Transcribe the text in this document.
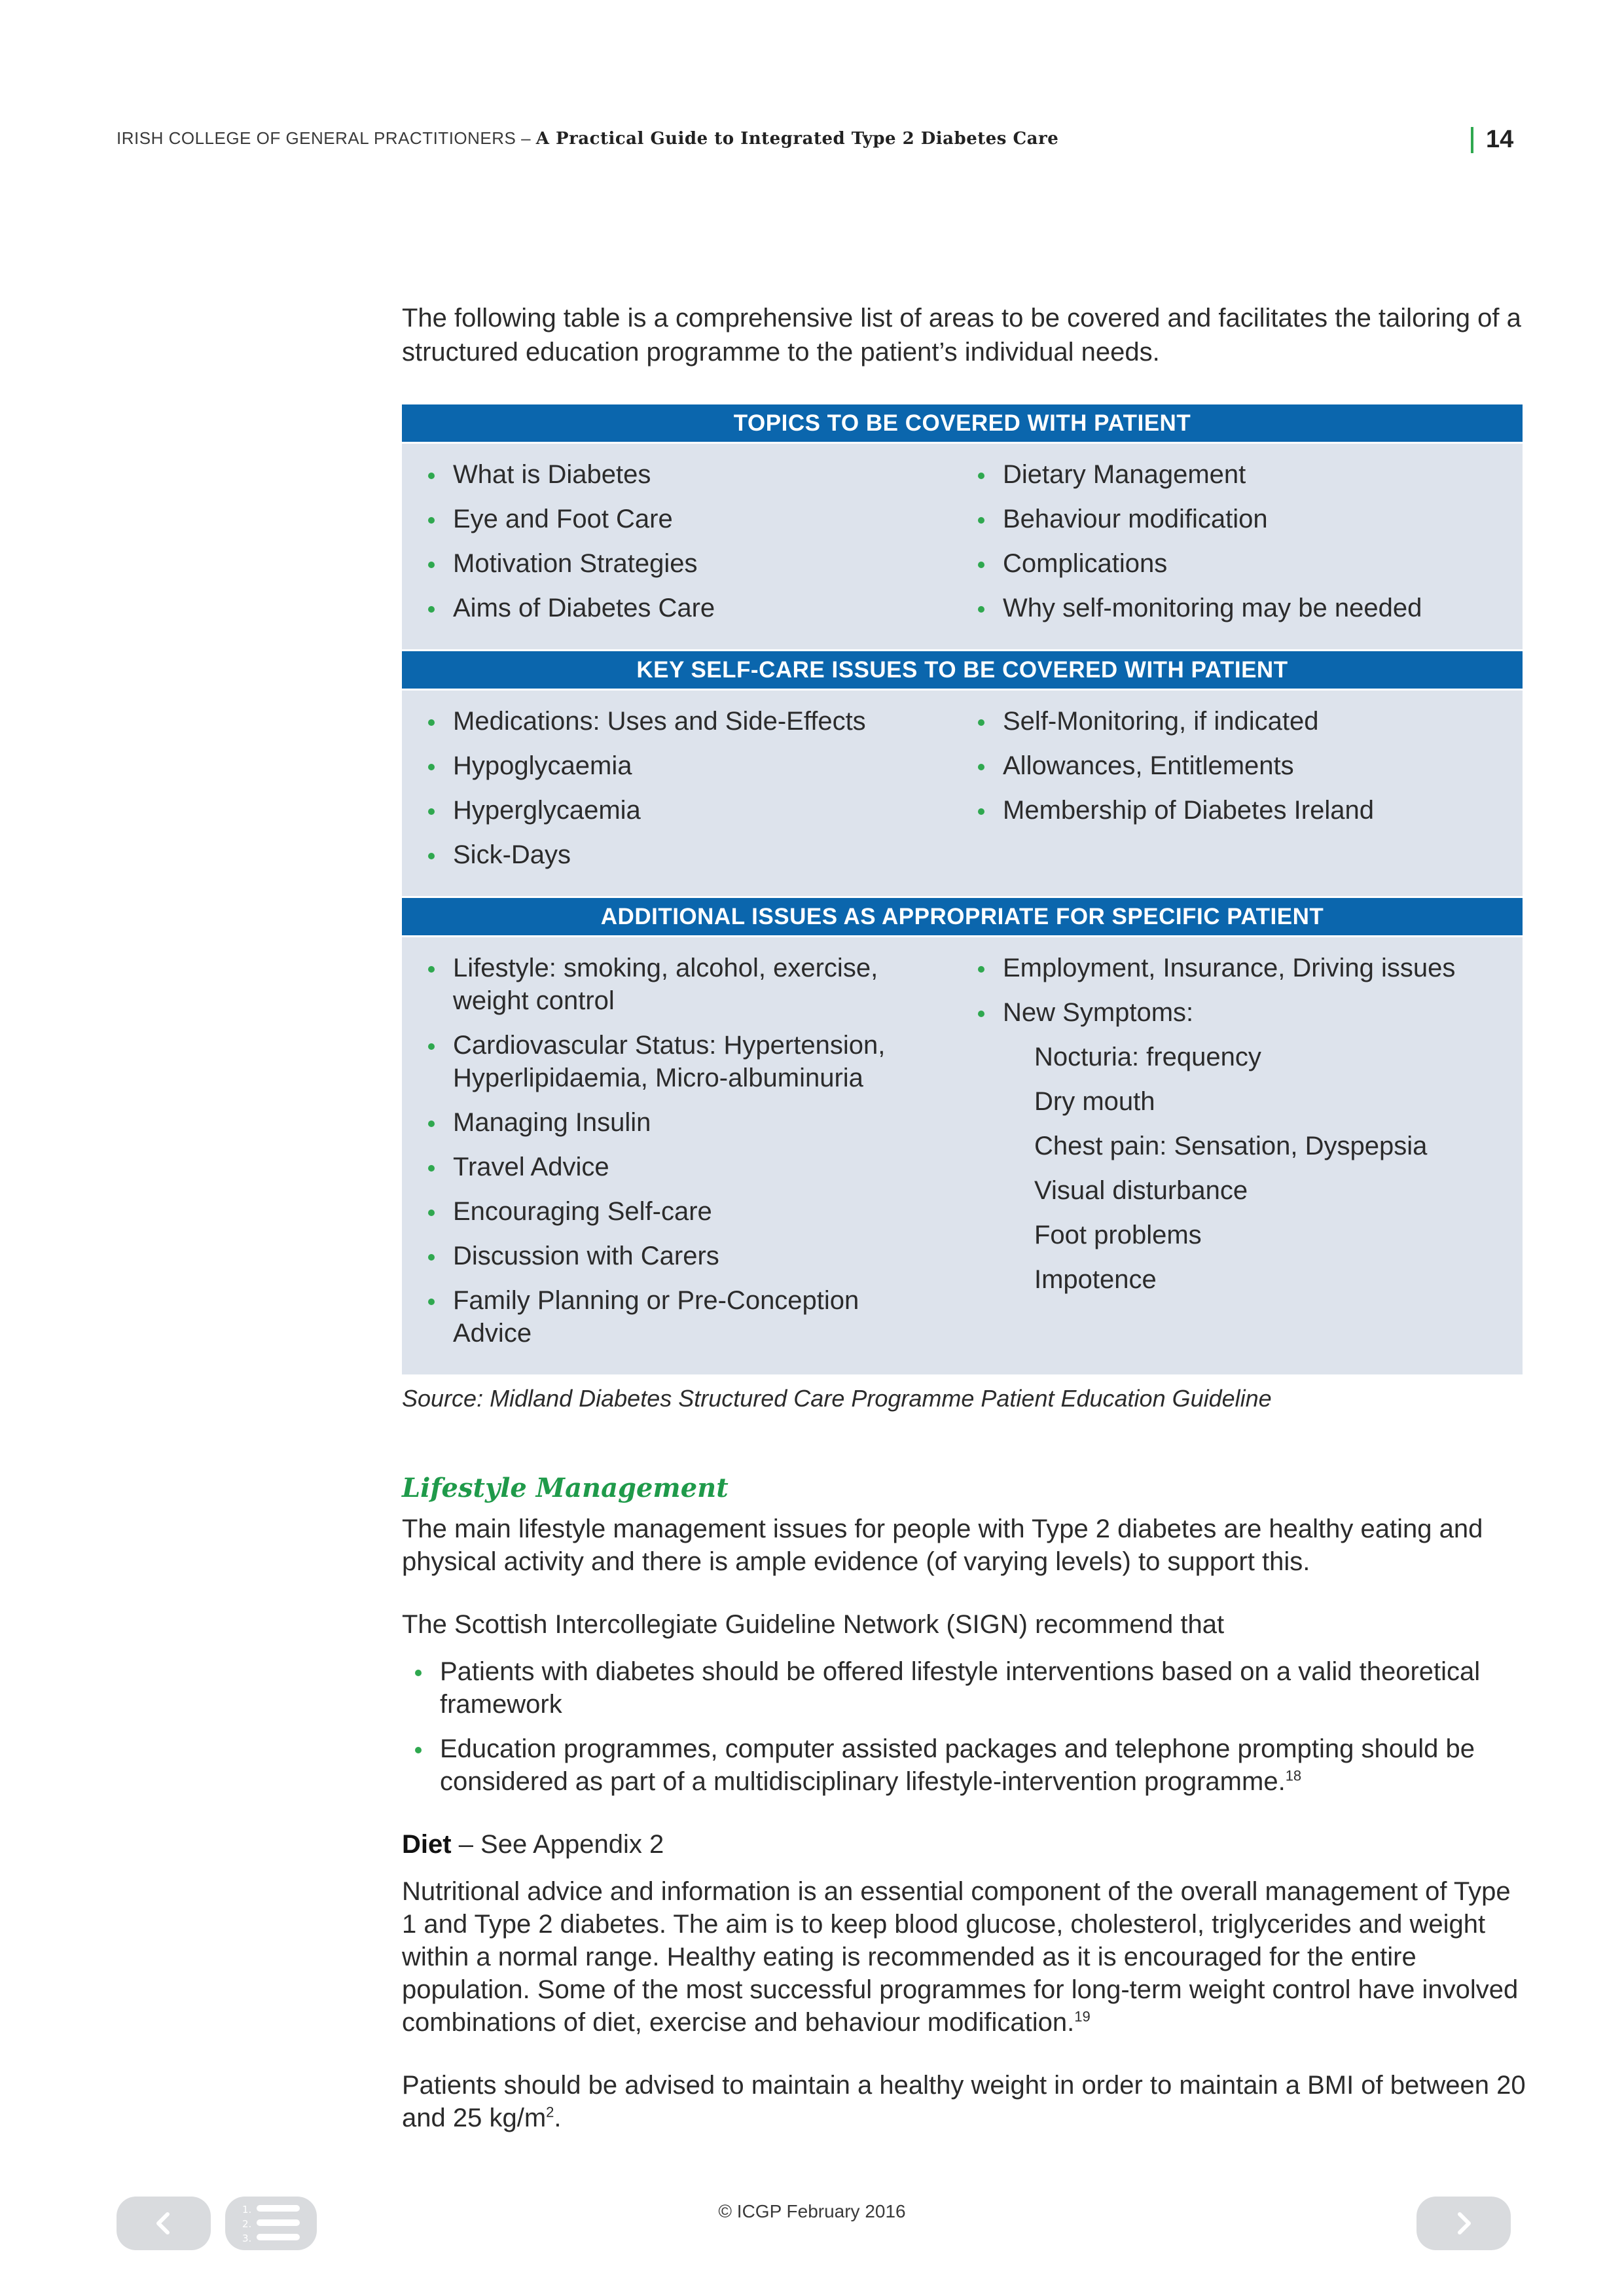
IRISH COLLEGE OF GENERAL PRACTITIONERS – A Practical Guide to Integrated Type 2 Diabetes Care	14

The following table is a comprehensive list of areas to be covered and facilitates the tailoring of a structured education programme to the patient’s individual needs.

TOPICS TO BE COVERED WITH PATIENT
What is Diabetes
Eye and Foot Care
Motivation Strategies
Aims of Diabetes Care
Dietary Management
Behaviour modification
Complications
Why self-monitoring may be needed
KEY SELF-CARE ISSUES TO BE COVERED WITH PATIENT
Medications: Uses and Side-Effects
Hypoglycaemia
Hyperglycaemia
Sick-Days
Self-Monitoring, if indicated
Allowances, Entitlements
Membership of Diabetes Ireland
ADDITIONAL ISSUES AS APPROPRIATE FOR SPECIFIC PATIENT
Lifestyle: smoking, alcohol, exercise, weight control
Cardiovascular Status: Hypertension, Hyperlipidaemia, Micro-albuminuria
Managing Insulin
Travel Advice
Encouraging Self-care
Discussion with Carers
Family Planning or Pre-Conception Advice
Employment, Insurance, Driving issues
New Symptoms:
Nocturia: frequency
Dry mouth
Chest pain: Sensation, Dyspepsia
Visual disturbance
Foot problems
Impotence
Source: Midland Diabetes Structured Care Programme Patient Education Guideline
Lifestyle Management

The main lifestyle management issues for people with Type 2 diabetes are healthy eating and physical activity and there is ample evidence (of varying levels) to support this.

The Scottish Intercollegiate Guideline Network (SIGN) recommend that

Patients with diabetes should be offered lifestyle interventions based on a valid theoretical framework
Education programmes, computer assisted packages and telephone prompting should be considered as part of a multidisciplinary lifestyle-intervention programme.$^{18}$

Diet – See Appendix 2

Nutritional advice and information is an essential component of the overall management of Type 1 and Type 2 diabetes. The aim is to keep blood glucose, cholesterol, triglycerides and weight within a normal range. Healthy eating is recommended as it is encouraged for the entire population. Some of the most successful programmes for long-term weight control have involved combinations of diet, exercise and behaviour modification.$^{19}$

Patients should be advised to maintain a healthy weight in order to maintain a BMI of between 20 and 25 $kg/m^2$.

1.
2.
3.
© ICGP February 2016
